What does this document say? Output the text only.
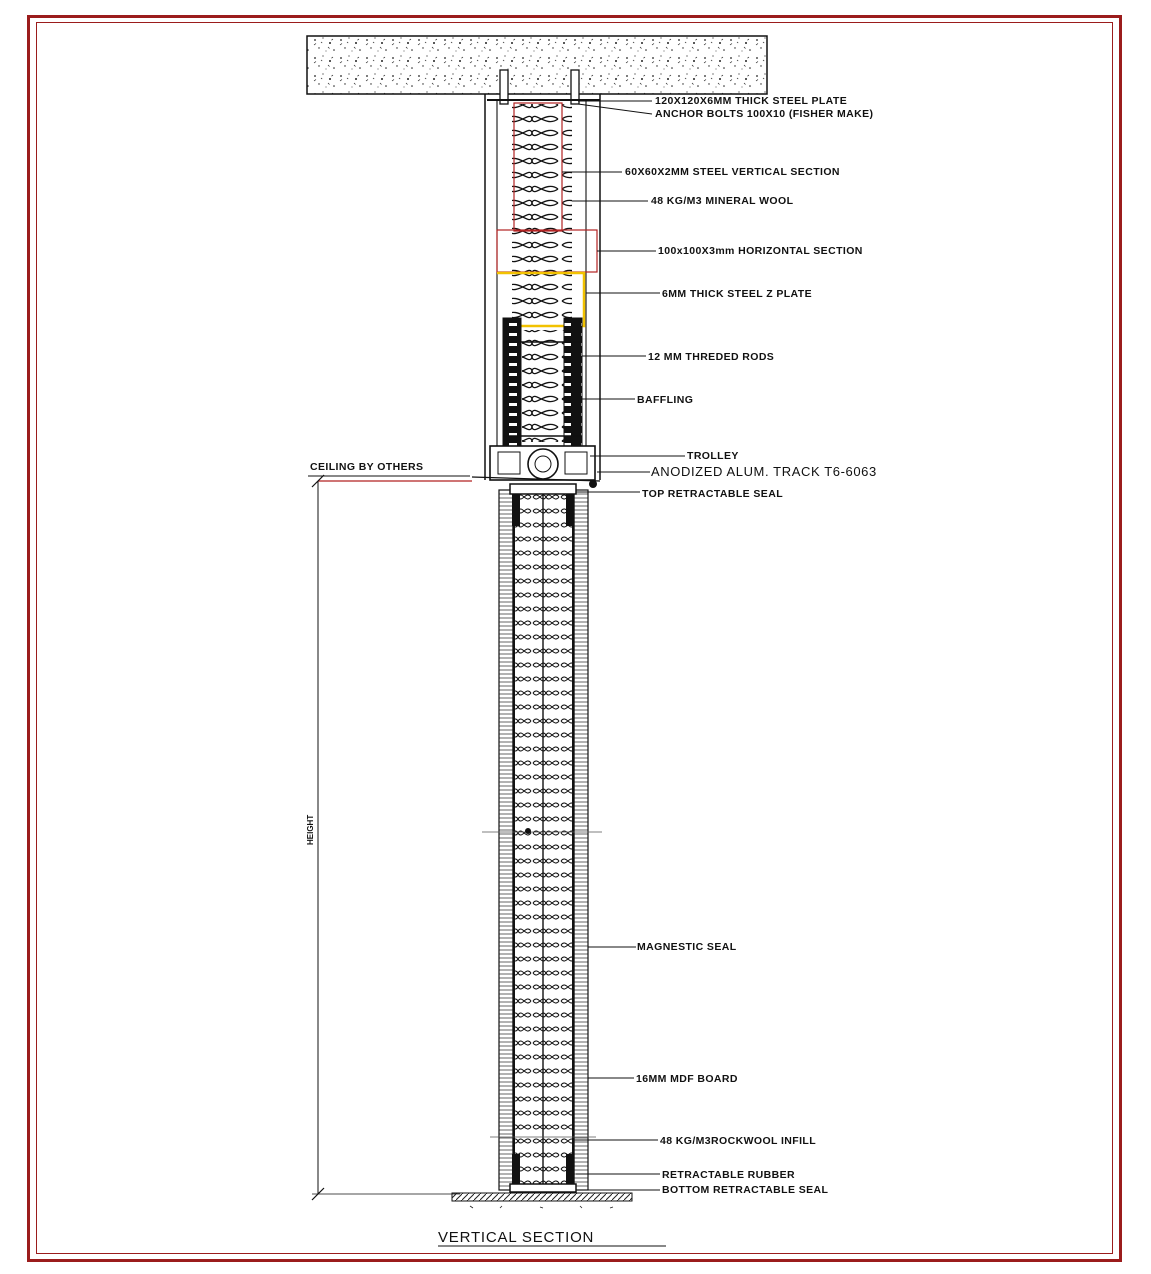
HEIGHT
120X120X6MM THICK STEEL PLATE
ANCHOR BOLTS 100X10 (FISHER MAKE)
60X60X2MM STEEL VERTICAL SECTION
48 KG/M3 MINERAL WOOL
100x100X3mm HORIZONTAL SECTION
6MM THICK STEEL Z PLATE
12 MM THREDED RODS
BAFFLING
TROLLEY
ANODIZED ALUM. TRACK T6-6063
CEILING BY OTHERS
TOP RETRACTABLE SEAL
MAGNESTIC SEAL
16MM MDF BOARD
48 KG/M3ROCKWOOL INFILL
RETRACTABLE RUBBER
BOTTOM RETRACTABLE SEAL
VERTICAL SECTION
